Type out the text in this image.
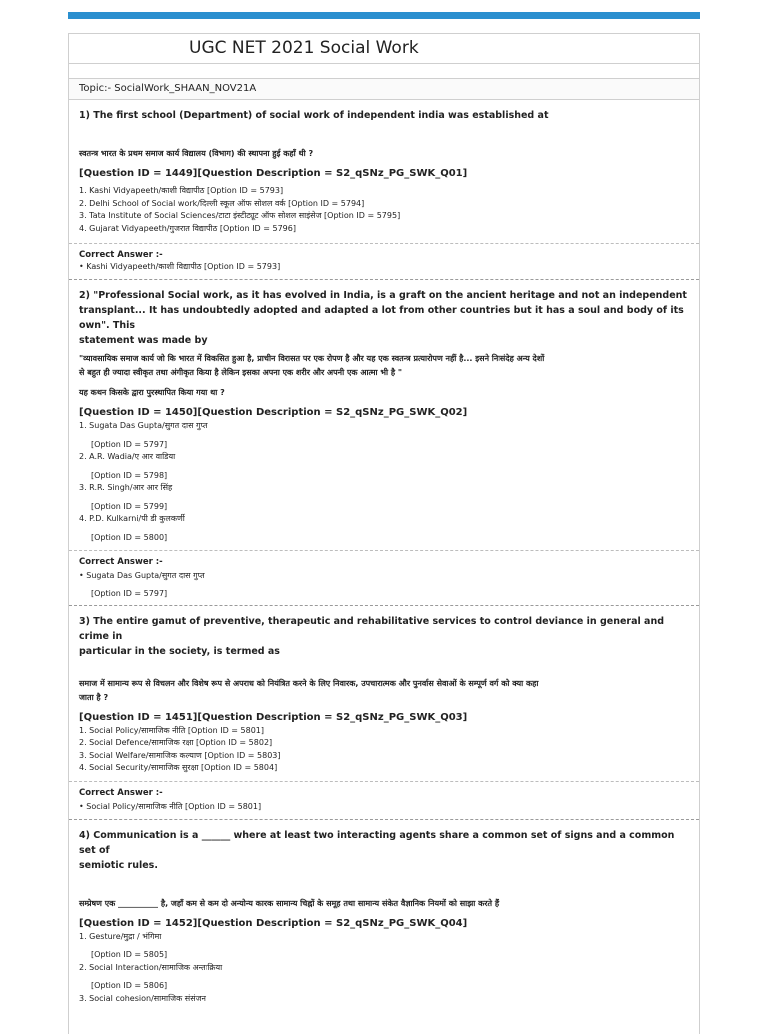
UGC NET 2021 Social Work
Topic:- SocialWork_SHAAN_NOV21A

1) The first school (Department) of social work of independent india was established at

स्वतन्त्र भारत के प्रथम समाज कार्य विद्यालय (विभाग) की स्थापना हुई कहाँ थी ?

[Question ID = 1449][Question Description = S2_qSNz_PG_SWK_Q01]

1. Kashi Vidyapeeth/काशी विद्यापीठ [Option ID = 5793]

2. Delhi School of Social work/दिल्ली स्कूल ऑफ सोशल वर्क [Option ID = 5794]

3. Tata Institute of Social Sciences/टाटा इंस्टीट्यूट ऑफ सोशल साइंसेज [Option ID = 5795]

4. Gujarat Vidyapeeth/गुजरात विद्यापीठ [Option ID = 5796]

Correct Answer :-

• Kashi Vidyapeeth/काशी विद्यापीठ [Option ID = 5793]

2) "Professional Social work, as it has evolved in India, is a graft on the ancient heritage and not an independent

transplant... It has undoubtedly adopted and adapted a lot from other countries but it has a soul and body of its own". This

statement was made by

"व्यावसायिक समाज कार्य जो कि भारत में विकसित हुआ है, प्राचीन विरासत पर एक रोपण है और यह एक स्वतन्त्र प्रत्यारोपण नहीं है... इसने निःसंदेह अन्य देशों

से बहुत ही ज्यादा स्वीकृत तथा अंगीकृत किया है लेकिन इसका अपना एक शरीर और अपनी एक आत्मा भी है "

यह कथन किसके द्वारा पुरस्थापित किया गया था ?

[Question ID = 1450][Question Description = S2_qSNz_PG_SWK_Q02]

1. Sugata Das Gupta/सुगत दास गुप्त

[Option ID = 5797]

2. A.R. Wadia/ए आर वाडिया

[Option ID = 5798]

3. R.R. Singh/आर आर सिंह

[Option ID = 5799]

4. P.D. Kulkarni/पी डी कुलकर्णी

[Option ID = 5800]

Correct Answer :-

• Sugata Das Gupta/सुगत दास गुप्त

[Option ID = 5797]

3) The entire gamut of preventive, therapeutic and rehabilitative services to control deviance in general and crime in

particular in the society, is termed as

समाज में सामान्य रूप से विचलन और विशेष रूप से अपराध को नियंत्रित करने के लिए निवारक, उपचारात्मक और पुनर्वास सेवाओं के सम्पूर्ण वर्ग को क्या कहा

जाता है ?

[Question ID = 1451][Question Description = S2_qSNz_PG_SWK_Q03]

1. Social Policy/सामाजिक नीति [Option ID = 5801]

2. Social Defence/सामाजिक रक्षा [Option ID = 5802]

3. Social Welfare/सामाजिक कल्याण [Option ID = 5803]

4. Social Security/सामाजिक सुरक्षा [Option ID = 5804]

Correct Answer :-

• Social Policy/सामाजिक नीति [Option ID = 5801]

4) Communication is a ______ where at least two interacting agents share a common set of signs and a common set of

semiotic rules.

सम्प्रेषण एक __________ है, जहाँ कम से कम दो अन्योन्य कारक सामान्य चिह्नों के समूह तथा सामान्य संकेत वैज्ञानिक नियमों को साझा करते हैं

[Question ID = 1452][Question Description = S2_qSNz_PG_SWK_Q04]

1. Gesture/मुद्रा / भंगिमा

[Option ID = 5805]

2. Social Interaction/सामाजिक अन्तःक्रिया

[Option ID = 5806]

3. Social cohesion/सामाजिक संसंजन
